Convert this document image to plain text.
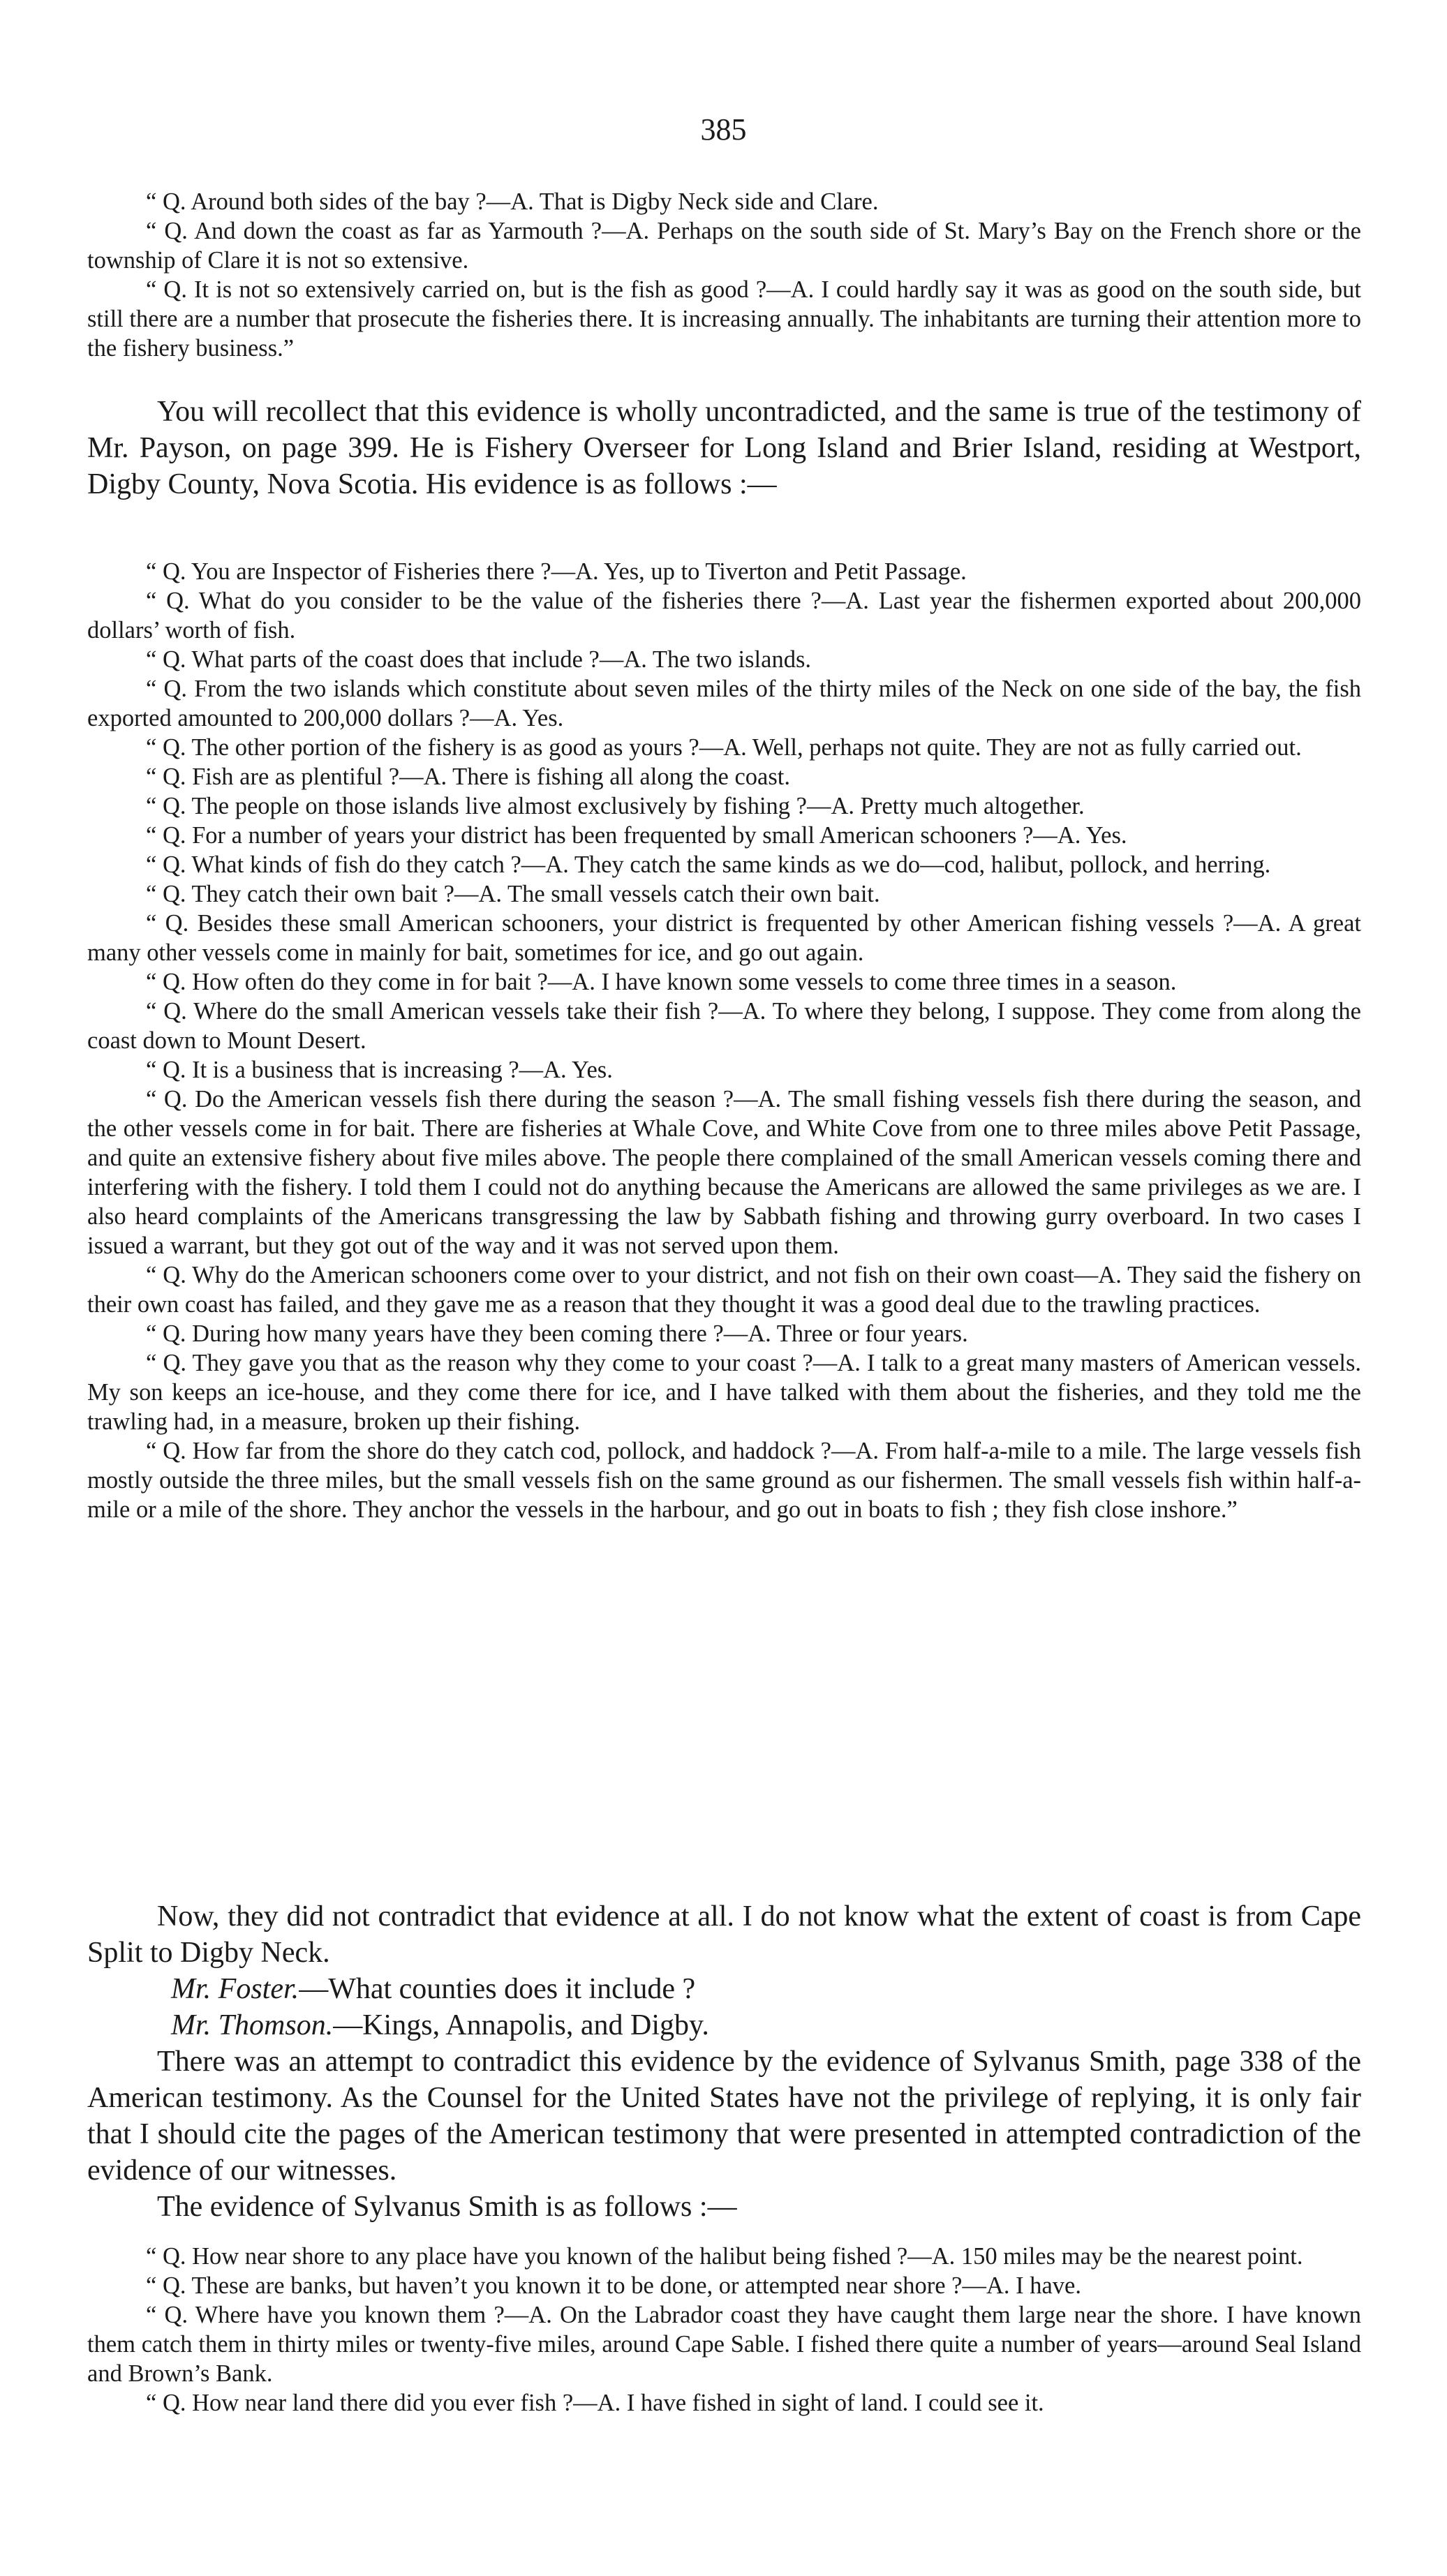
385

“ Q. Around both sides of the bay ?—A. That is Digby Neck side and Clare.

“ Q. And down the coast as far as Yarmouth ?—A. Perhaps on the south side of St. Mary’s Bay on the French shore or the township of Clare it is not so extensive.

“ Q. It is not so extensively carried on, but is the fish as good ?—A. I could hardly say it was as good on the south side, but still there are a number that prosecute the fisheries there. It is increasing annually. The inhabitants are turning their attention more to the fishery business.”

You will recollect that this evidence is wholly uncontradicted, and the same is true of the testimony of Mr. Payson, on page 399. He is Fishery Overseer for Long Island and Brier Island, residing at Westport, Digby County, Nova Scotia. His evidence is as follows :—

“ Q. You are Inspector of Fisheries there ?—A. Yes, up to Tiverton and Petit Passage.

“ Q. What do you consider to be the value of the fisheries there ?—A. Last year the fishermen exported about 200,000 dollars’ worth of fish.

“ Q. What parts of the coast does that include ?—A. The two islands.

“ Q. From the two islands which constitute about seven miles of the thirty miles of the Neck on one side of the bay, the fish exported amounted to 200,000 dollars ?—A. Yes.

“ Q. The other portion of the fishery is as good as yours ?—A. Well, perhaps not quite. They are not as fully carried out.

“ Q. Fish are as plentiful ?—A. There is fishing all along the coast.

“ Q. The people on those islands live almost exclusively by fishing ?—A. Pretty much altogether.

“ Q. For a number of years your district has been frequented by small American schooners ?—A. Yes.

“ Q. What kinds of fish do they catch ?—A. They catch the same kinds as we do—cod, halibut, pollock, and herring.

“ Q. They catch their own bait ?—A. The small vessels catch their own bait.

“ Q. Besides these small American schooners, your district is frequented by other American fishing vessels ?—A. A great many other vessels come in mainly for bait, sometimes for ice, and go out again.

“ Q. How often do they come in for bait ?—A. I have known some vessels to come three times in a season.

“ Q. Where do the small American vessels take their fish ?—A. To where they belong, I suppose. They come from along the coast down to Mount Desert.

“ Q. It is a business that is increasing ?—A. Yes.

“ Q. Do the American vessels fish there during the season ?—A. The small fishing vessels fish there during the season, and the other vessels come in for bait. There are fisheries at Whale Cove, and White Cove from one to three miles above Petit Passage, and quite an extensive fishery about five miles above. The people there complained of the small American vessels coming there and interfering with the fishery. I told them I could not do anything because the Americans are allowed the same privileges as we are. I also heard complaints of the Americans transgressing the law by Sabbath fishing and throwing gurry overboard. In two cases I issued a warrant, but they got out of the way and it was not served upon them.

“ Q. Why do the American schooners come over to your district, and not fish on their own coast—A. They said the fishery on their own coast has failed, and they gave me as a reason that they thought it was a good deal due to the trawling practices.

“ Q. During how many years have they been coming there ?—A. Three or four years.

“ Q. They gave you that as the reason why they come to your coast ?—A. I talk to a great many masters of American vessels. My son keeps an ice-house, and they come there for ice, and I have talked with them about the fisheries, and they told me the trawling had, in a measure, broken up their fishing.

“ Q. How far from the shore do they catch cod, pollock, and haddock ?—A. From half-a-mile to a mile. The large vessels fish mostly outside the three miles, but the small vessels fish on the same ground as our fishermen. The small vessels fish within half-a-mile or a mile of the shore. They anchor the vessels in the harbour, and go out in boats to fish ; they fish close inshore.”

Now, they did not contradict that evidence at all. I do not know what the extent of coast is from Cape Split to Digby Neck.

Mr. Foster.—What counties does it include ?

Mr. Thomson.—Kings, Annapolis, and Digby.

There was an attempt to contradict this evidence by the evidence of Sylvanus Smith, page 338 of the American testimony. As the Counsel for the United States have not the privilege of replying, it is only fair that I should cite the pages of the American testimony that were presented in attempted contradiction of the evidence of our witnesses.

The evidence of Sylvanus Smith is as follows :—

“ Q. How near shore to any place have you known of the halibut being fished ?—A. 150 miles may be the nearest point.

“ Q. These are banks, but haven’t you known it to be done, or attempted near shore ?—A. I have.

“ Q. Where have you known them ?—A. On the Labrador coast they have caught them large near the shore. I have known them catch them in thirty miles or twenty-five miles, around Cape Sable. I fished there quite a number of years—around Seal Island and Brown’s Bank.

“ Q. How near land there did you ever fish ?—A. I have fished in sight of land. I could see it.
